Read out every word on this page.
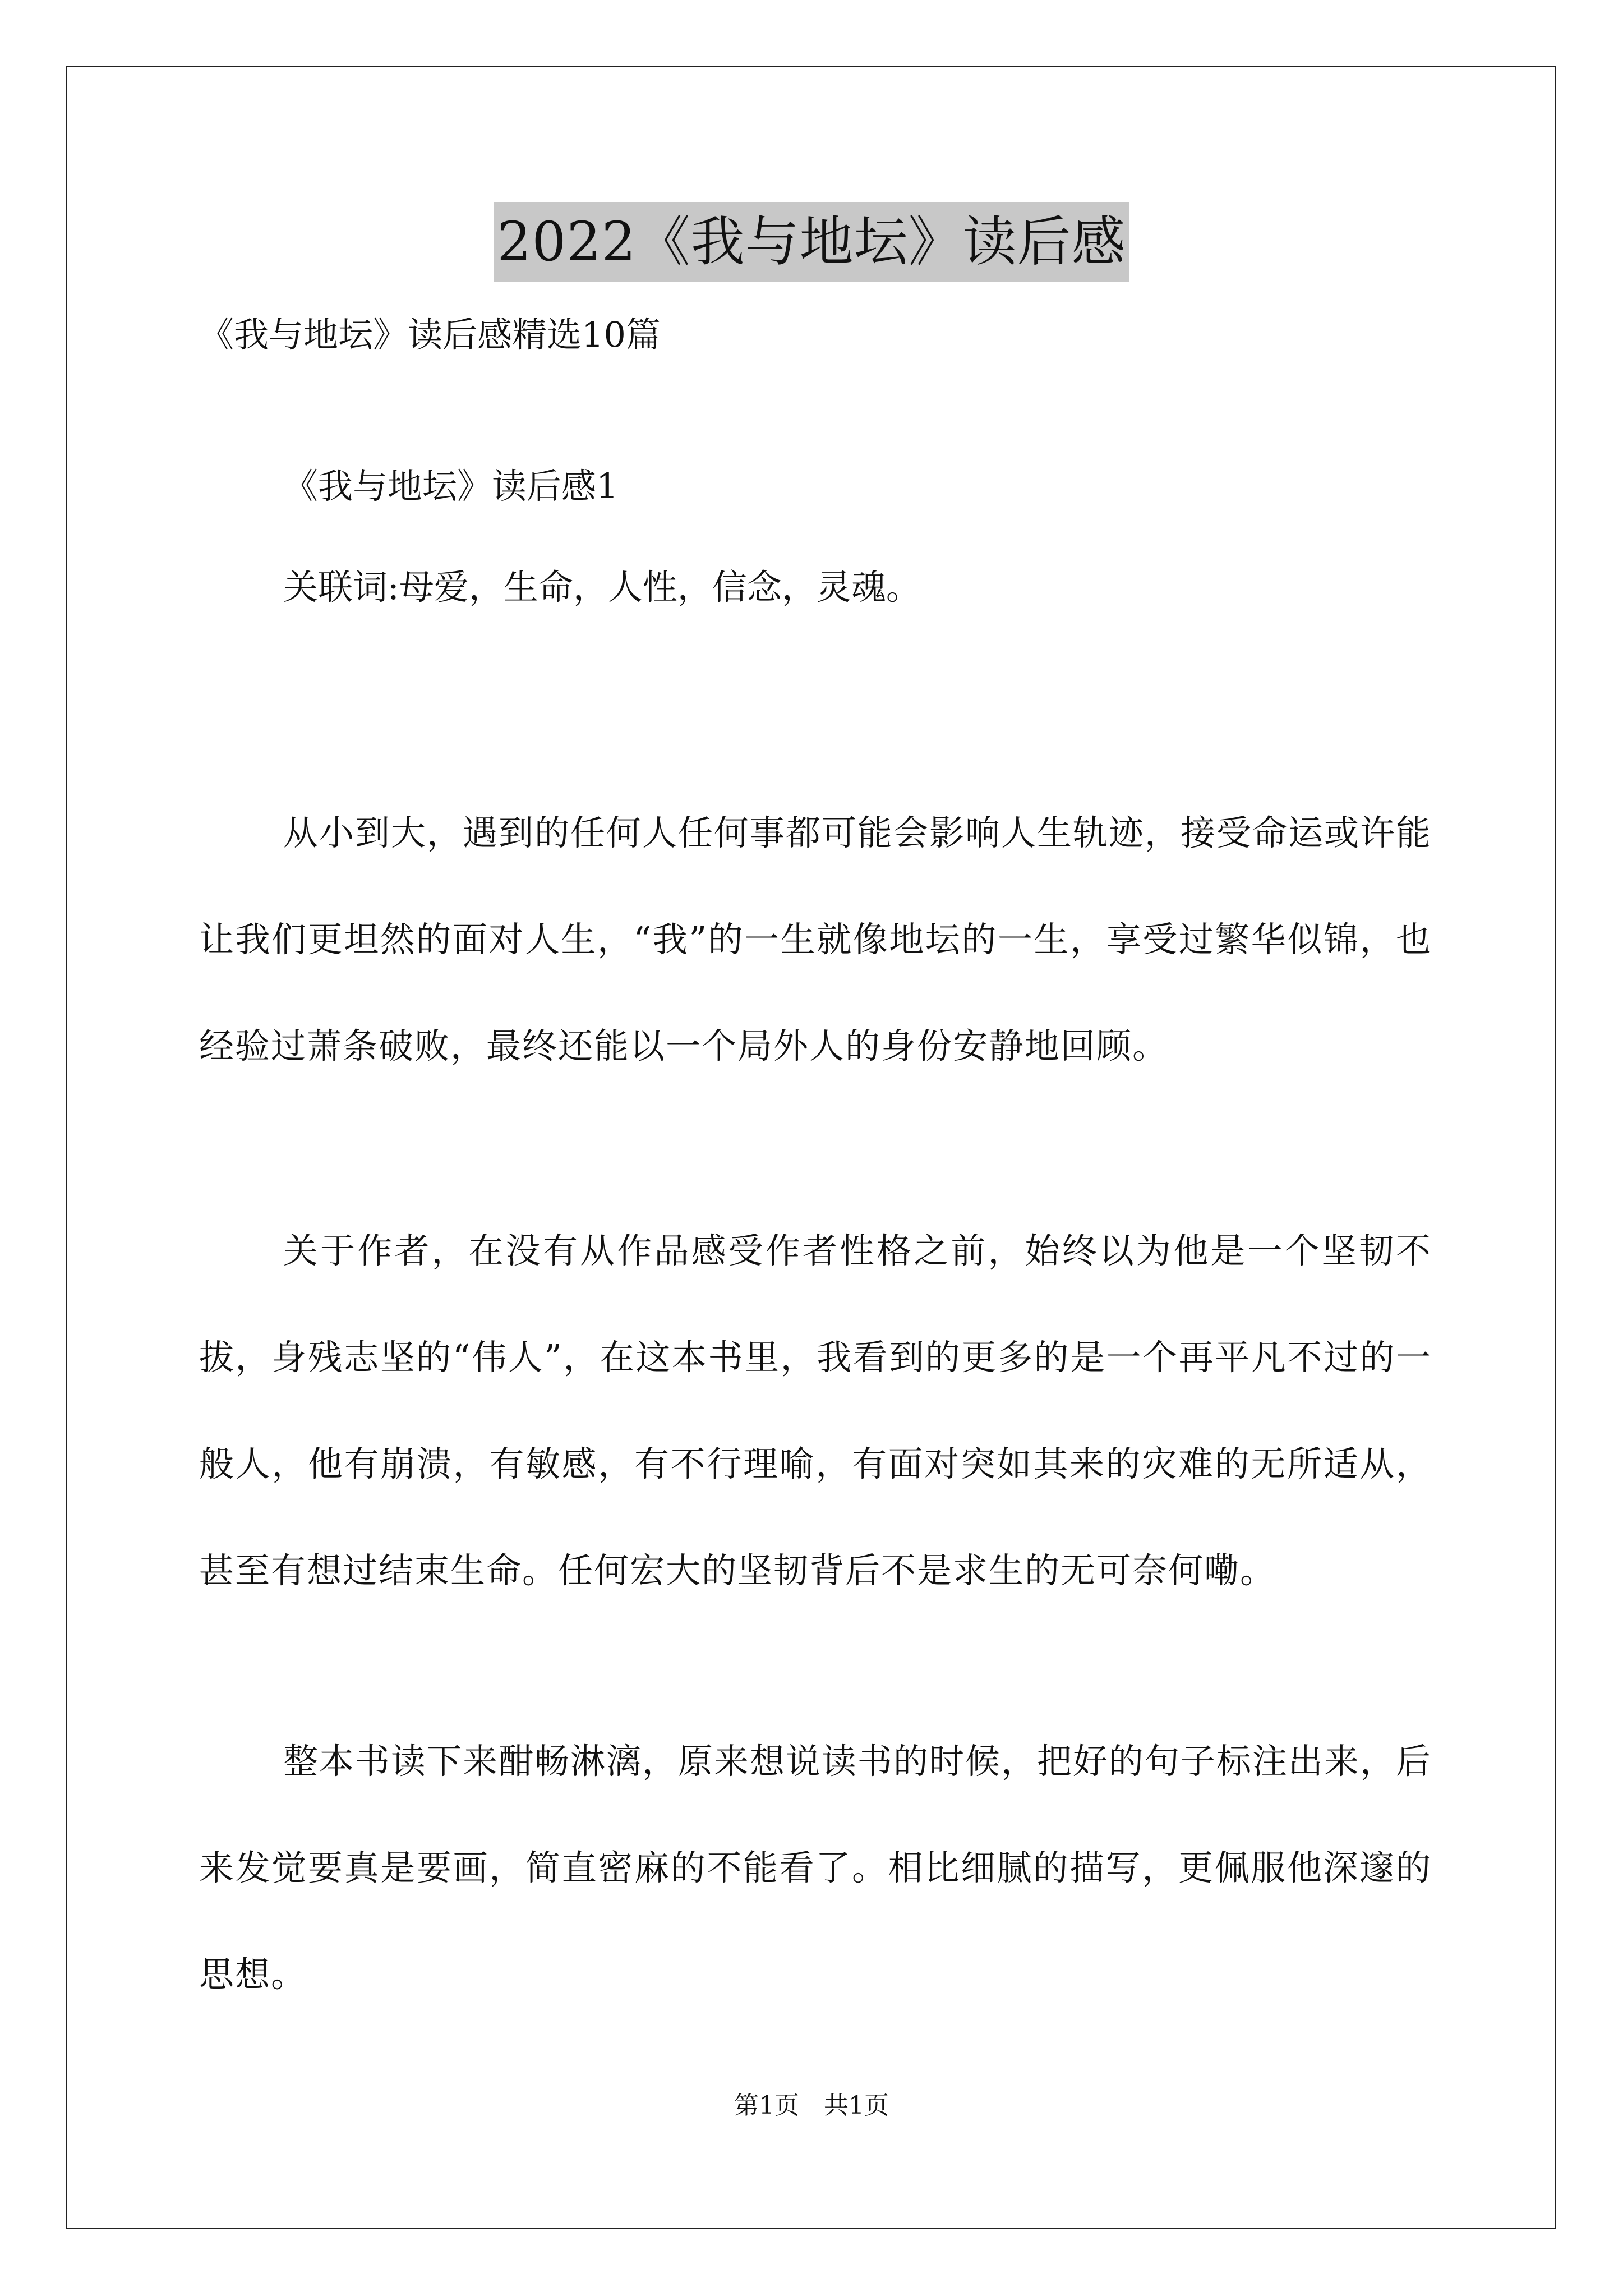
2022《我与地坛》读后感
《我与地坛》读后感精选10篇
《我与地坛》读后感1
关联词:母爱，生命，人性，信念，灵魂。

从小到大，遇到的任何人任何事都可能会影响人生轨迹，接受命运或许能让我们更坦然的面对人生，“我”的一生就像地坛的一生，享受过繁华似锦，也经验过萧条破败，最终还能以一个局外人的身份安静地回顾。

关于作者，在没有从作品感受作者性格之前，始终以为他是一个坚韧不拔，身残志坚的“伟人”，在这本书里，我看到的更多的是一个再平凡不过的一般人，他有崩溃，有敏感，有不行理喻，有面对突如其来的灾难的无所适从，甚至有想过结束生命。任何宏大的坚韧背后不是求生的无可奈何嘞。

整本书读下来酣畅淋漓，原来想说读书的时候，把好的句子标注出来，后来发觉要真是要画，简直密麻的不能看了。相比细腻的描写，更佩服他深邃的思想。

第1页　共1页
